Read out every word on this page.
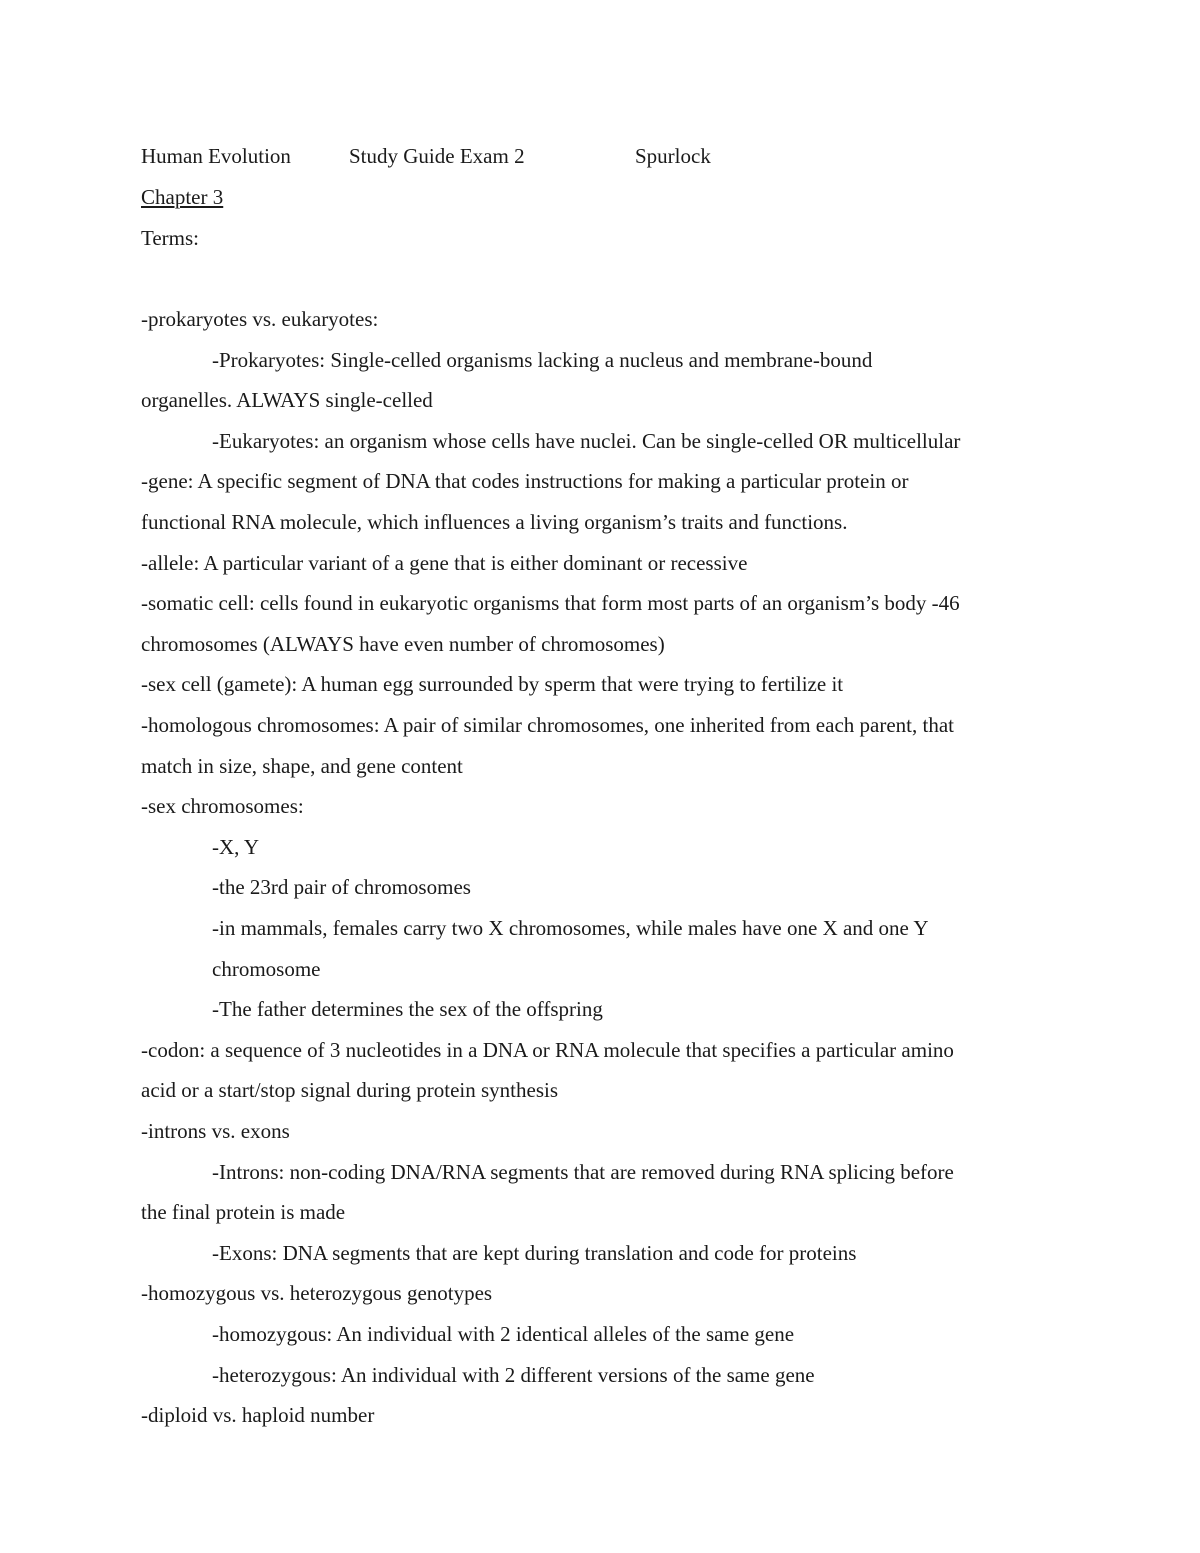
Human Evolution	Study Guide Exam 2	Spurlock
Chapter 3
Terms:
-prokaryotes vs. eukaryotes:
-Prokaryotes: Single-celled organisms lacking a nucleus and membrane-bound
organelles. ALWAYS single-celled
-Eukaryotes: an organism whose cells have nuclei. Can be single-celled OR multicellular
-gene: A specific segment of DNA that codes instructions for making a particular protein or
functional RNA molecule, which influences a living organism’s traits and functions.
-allele: A particular variant of a gene that is either dominant or recessive
-somatic cell: cells found in eukaryotic organisms that form most parts of an organism’s body -46
chromosomes (ALWAYS have even number of chromosomes)
-sex cell (gamete): A human egg surrounded by sperm that were trying to fertilize it
-homologous chromosomes: A pair of similar chromosomes, one inherited from each parent, that
match in size, shape, and gene content
-sex chromosomes:
-X, Y
-the 23rd pair of chromosomes
-in mammals, females carry two X chromosomes, while males have one X and one Y
chromosome
-The father determines the sex of the offspring
-codon: a sequence of 3 nucleotides in a DNA or RNA molecule that specifies a particular amino
acid or a start/stop signal during protein synthesis
-introns vs. exons
-Introns: non-coding DNA/RNA segments that are removed during RNA splicing before
the final protein is made
-Exons: DNA segments that are kept during translation and code for proteins
-homozygous vs. heterozygous genotypes
-homozygous: An individual with 2 identical alleles of the same gene
-heterozygous: An individual with 2 different versions of the same gene
-diploid vs. haploid number
